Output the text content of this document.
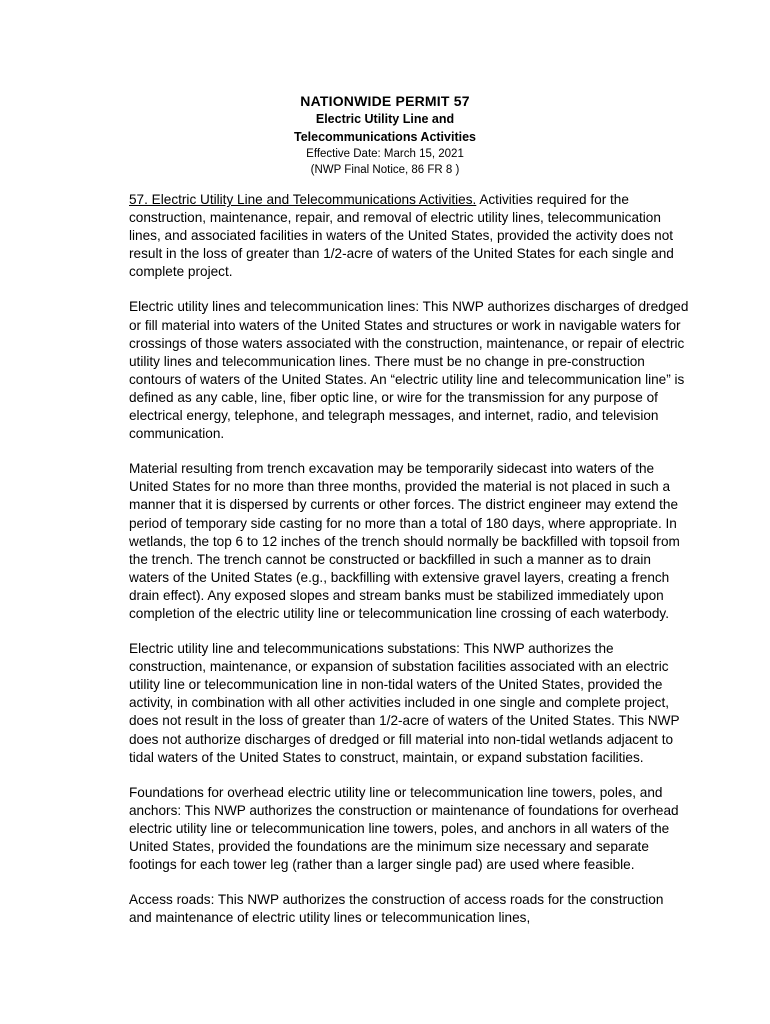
NATIONWIDE PERMIT 57

Electric Utility Line and

Telecommunications Activities

Effective Date: March 15, 2021

(NWP Final Notice, 86 FR 8 )

57. Electric Utility Line and Telecommunications Activities. Activities required for the construction, maintenance, repair, and removal of electric utility lines, telecommunication lines, and associated facilities in waters of the United States, provided the activity does not result in the loss of greater than 1/2-acre of waters of the United States for each single and complete project.

Electric utility lines and telecommunication lines: This NWP authorizes discharges of dredged or fill material into waters of the United States and structures or work in navigable waters for crossings of those waters associated with the construction, maintenance, or repair of electric utility lines and telecommunication lines. There must be no change in pre-construction contours of waters of the United States. An “electric utility line and telecommunication line” is defined as any cable, line, fiber optic line, or wire for the transmission for any purpose of electrical energy, telephone, and telegraph messages, and internet, radio, and television communication.

Material resulting from trench excavation may be temporarily sidecast into waters of the United States for no more than three months, provided the material is not placed in such a manner that it is dispersed by currents or other forces. The district engineer may extend the period of temporary side casting for no more than a total of 180 days, where appropriate. In wetlands, the top 6 to 12 inches of the trench should normally be backfilled with topsoil from the trench. The trench cannot be constructed or backfilled in such a manner as to drain waters of the United States (e.g., backfilling with extensive gravel layers, creating a french drain effect). Any exposed slopes and stream banks must be stabilized immediately upon completion of the electric utility line or telecommunication line crossing of each waterbody.

Electric utility line and telecommunications substations: This NWP authorizes the construction, maintenance, or expansion of substation facilities associated with an electric utility line or telecommunication line in non-tidal waters of the United States, provided the activity, in combination with all other activities included in one single and complete project, does not result in the loss of greater than 1/2-acre of waters of the United States. This NWP does not authorize discharges of dredged or fill material into non-tidal wetlands adjacent to tidal waters of the United States to construct, maintain, or expand substation facilities.

Foundations for overhead electric utility line or telecommunication line towers, poles, and anchors: This NWP authorizes the construction or maintenance of foundations for overhead electric utility line or telecommunication line towers, poles, and anchors in all waters of the United States, provided the foundations are the minimum size necessary and separate footings for each tower leg (rather than a larger single pad) are used where feasible.

Access roads: This NWP authorizes the construction of access roads for the construction and maintenance of electric utility lines or telecommunication lines,
